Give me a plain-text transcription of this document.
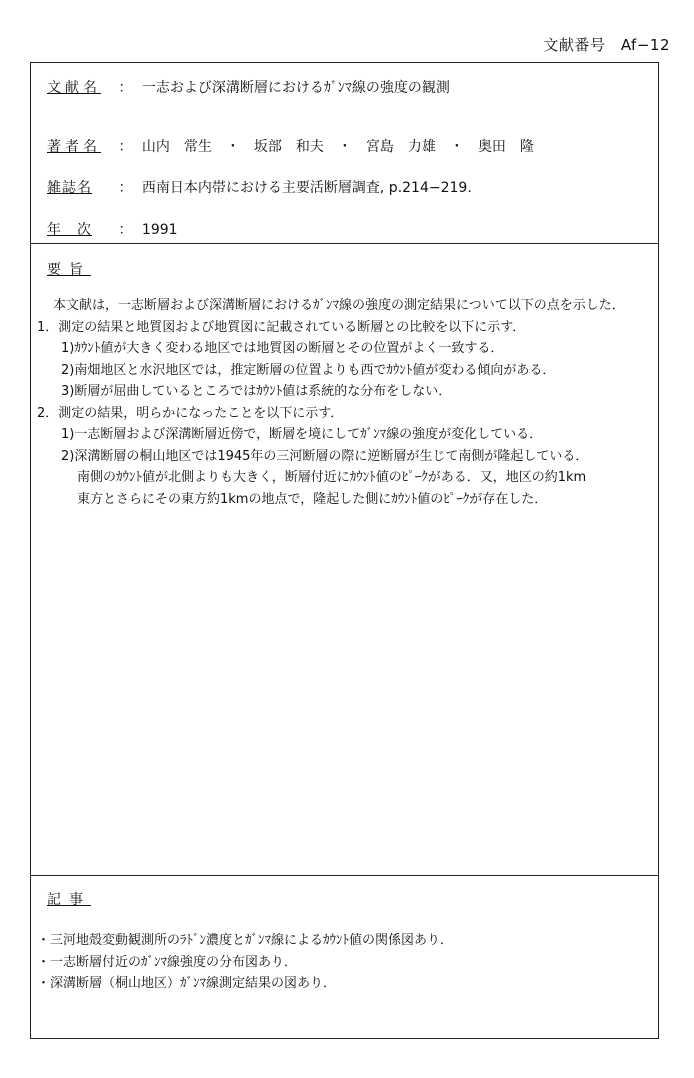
文献番号　Af−12
文献名 ： 一志および深溝断層におけるｶﾞﾝﾏ線の強度の観測
著者名 ： 山内　常生　・　坂部　和夫　・　宮島　力雄　・　奥田　隆
雑誌名 ： 西南日本内帯における主要活断層調査, p.214−219.
年　次 ： 1991
要旨
本文献は，一志断層および深溝断層におけるｶﾞﾝﾏ線の強度の測定結果について以下の点を示した．
1．測定の結果と地質図および地質図に記載されている断層との比較を以下に示す．
1)ｶｳﾝﾄ値が大きく変わる地区では地質図の断層とその位置がよく一致する．
2)南畑地区と水沢地区では，推定断層の位置よりも西でｶｳﾝﾄ値が変わる傾向がある．
3)断層が屈曲しているところではｶｳﾝﾄ値は系統的な分布をしない．
2．測定の結果，明らかになったことを以下に示す．
1)一志断層および深溝断層近傍で，断層を境にしてｶﾞﾝﾏ線の強度が変化している．
2)深溝断層の桐山地区では1945年の三河断層の際に逆断層が生じて南側が隆起している．
南側のｶｳﾝﾄ値が北側よりも大きく，断層付近にｶｳﾝﾄ値のﾋﾟｰｸがある．又，地区の約1km
東方とさらにその東方約1kmの地点で，隆起した側にｶｳﾝﾄ値のﾋﾟｰｸが存在した．
記事
・三河地殻変動観測所のﾗﾄﾞﾝ濃度とｶﾞﾝﾏ線によるｶｳﾝﾄ値の関係図あり．
・一志断層付近のｶﾞﾝﾏ線強度の分布図あり．
・深溝断層（桐山地区）ｶﾞﾝﾏ線測定結果の図あり．
